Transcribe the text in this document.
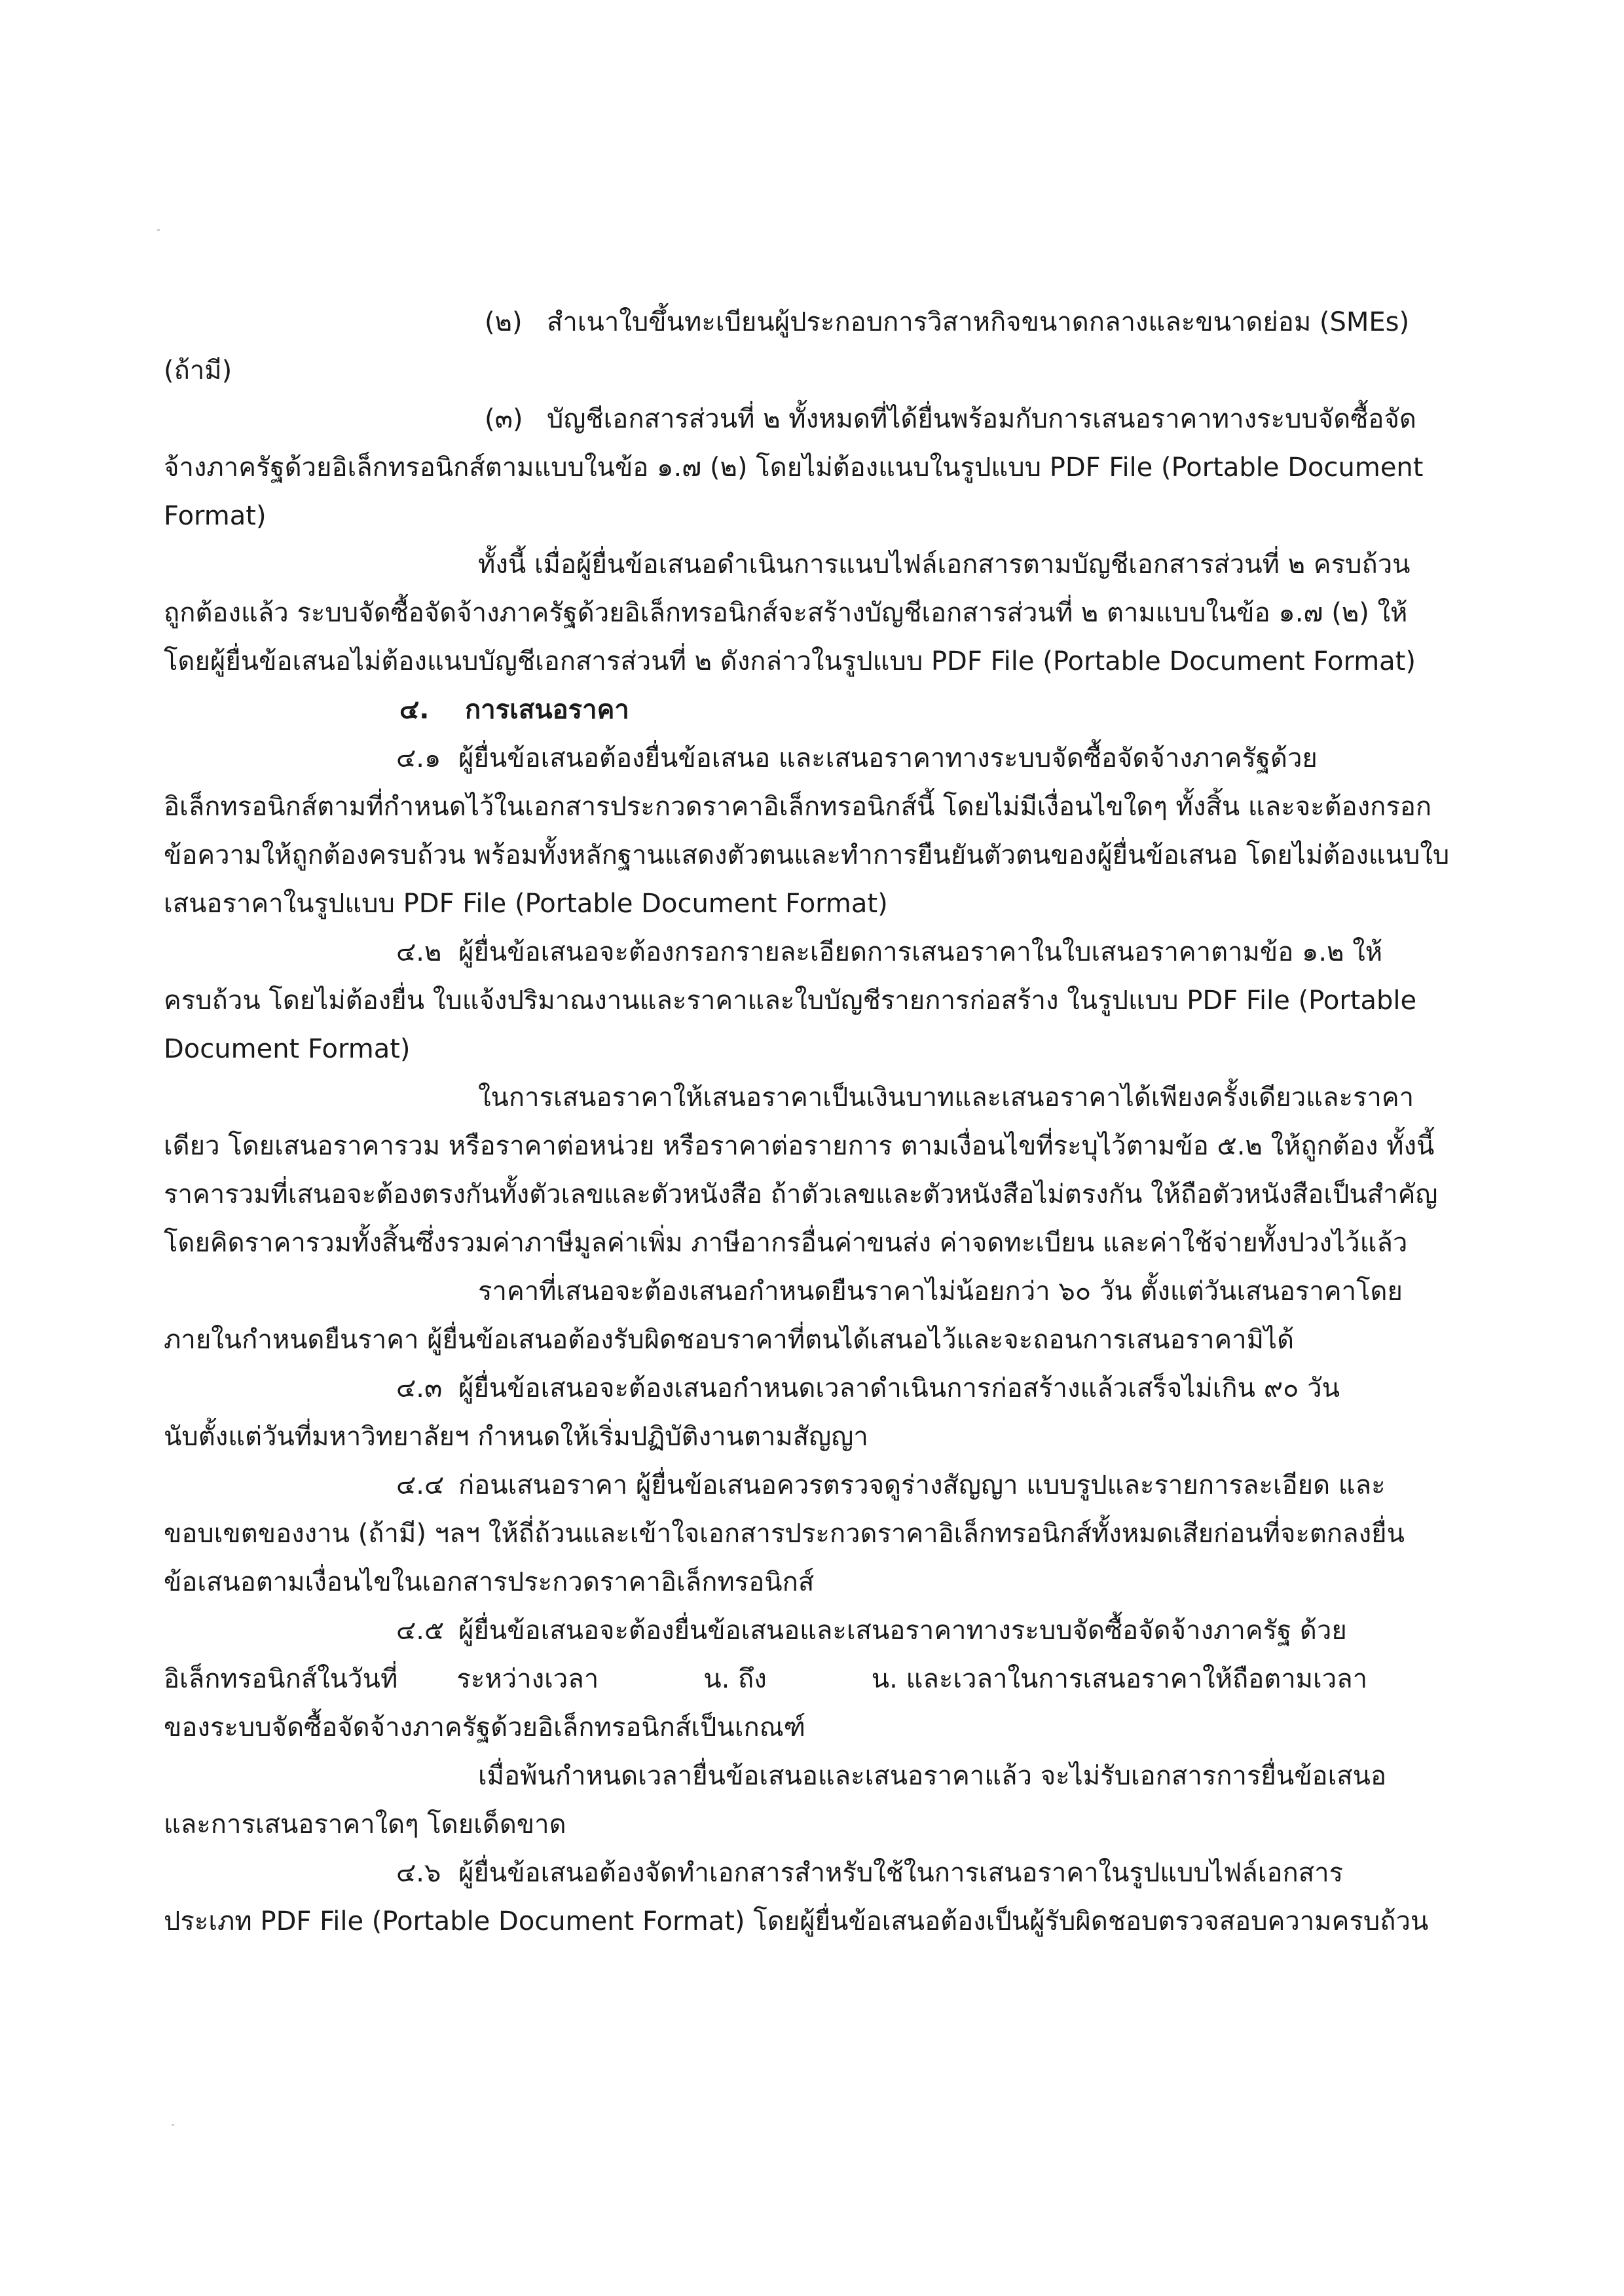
(๒) สำเนาใบขึ้นทะเบียนผู้ประกอบการวิสาหกิจขนาดกลางและขนาดย่อม (SMEs)
(ถ้ามี)
(๓) บัญชีเอกสารส่วนที่ ๒ ทั้งหมดที่ได้ยื่นพร้อมกับการเสนอราคาทางระบบจัดซื้อจัด
จ้างภาครัฐด้วยอิเล็กทรอนิกส์ตามแบบในข้อ ๑.๗ (๒) โดยไม่ต้องแนบในรูปแบบ PDF File (Portable Document
Format)
ทั้งนี้ เมื่อผู้ยื่นข้อเสนอดำเนินการแนบไฟล์เอกสารตามบัญชีเอกสารส่วนที่ ๒ ครบถ้วน
ถูกต้องแล้ว ระบบจัดซื้อจัดจ้างภาครัฐด้วยอิเล็กทรอนิกส์จะสร้างบัญชีเอกสารส่วนที่ ๒ ตามแบบในข้อ ๑.๗ (๒) ให้
โดยผู้ยื่นข้อเสนอไม่ต้องแนบบัญชีเอกสารส่วนที่ ๒ ดังกล่าวในรูปแบบ PDF File (Portable Document Format)
๔. การเสนอราคา
๔.๑ ผู้ยื่นข้อเสนอต้องยื่นข้อเสนอ และเสนอราคาทางระบบจัดซื้อจัดจ้างภาครัฐด้วย
อิเล็กทรอนิกส์ตามที่กำหนดไว้ในเอกสารประกวดราคาอิเล็กทรอนิกส์นี้ โดยไม่มีเงื่อนไขใดๆ ทั้งสิ้น และจะต้องกรอก
ข้อความให้ถูกต้องครบถ้วน พร้อมทั้งหลักฐานแสดงตัวตนและทำการยืนยันตัวตนของผู้ยื่นข้อเสนอ โดยไม่ต้องแนบใบ
เสนอราคาในรูปแบบ PDF File (Portable Document Format)
๔.๒ ผู้ยื่นข้อเสนอจะต้องกรอกรายละเอียดการเสนอราคาในใบเสนอราคาตามข้อ ๑.๒ ให้
ครบถ้วน โดยไม่ต้องยื่น ใบแจ้งปริมาณงานและราคาและใบบัญชีรายการก่อสร้าง ในรูปแบบ PDF File (Portable
Document Format)
ในการเสนอราคาให้เสนอราคาเป็นเงินบาทและเสนอราคาได้เพียงครั้งเดียวและราคา
เดียว โดยเสนอราคารวม หรือราคาต่อหน่วย หรือราคาต่อรายการ ตามเงื่อนไขที่ระบุไว้ตามข้อ ๕.๒ ให้ถูกต้อง ทั้งนี้
ราคารวมที่เสนอจะต้องตรงกันทั้งตัวเลขและตัวหนังสือ ถ้าตัวเลขและตัวหนังสือไม่ตรงกัน ให้ถือตัวหนังสือเป็นสำคัญ
โดยคิดราคารวมทั้งสิ้นซึ่งรวมค่าภาษีมูลค่าเพิ่ม ภาษีอากรอื่นค่าขนส่ง ค่าจดทะเบียน และค่าใช้จ่ายทั้งปวงไว้แล้ว
ราคาที่เสนอจะต้องเสนอกำหนดยืนราคาไม่น้อยกว่า ๖๐ วัน ตั้งแต่วันเสนอราคาโดย
ภายในกำหนดยืนราคา ผู้ยื่นข้อเสนอต้องรับผิดชอบราคาที่ตนได้เสนอไว้และจะถอนการเสนอราคามิได้
๔.๓ ผู้ยื่นข้อเสนอจะต้องเสนอกำหนดเวลาดำเนินการก่อสร้างแล้วเสร็จไม่เกิน ๙๐ วัน
นับตั้งแต่วันที่มหาวิทยาลัยฯ กำหนดให้เริ่มปฏิบัติงานตามสัญญา
๔.๔ ก่อนเสนอราคา ผู้ยื่นข้อเสนอควรตรวจดูร่างสัญญา แบบรูปและรายการละเอียด และ
ขอบเขตของงาน (ถ้ามี) ฯลฯ ให้ถี่ถ้วนและเข้าใจเอกสารประกวดราคาอิเล็กทรอนิกส์ทั้งหมดเสียก่อนที่จะตกลงยื่น
ข้อเสนอตามเงื่อนไขในเอกสารประกวดราคาอิเล็กทรอนิกส์
๔.๕ ผู้ยื่นข้อเสนอจะต้องยื่นข้อเสนอและเสนอราคาทางระบบจัดซื้อจัดจ้างภาครัฐ ด้วย
อิเล็กทรอนิกส์ในวันที่ ระหว่างเวลา	น. ถึง	น. และเวลาในการเสนอราคาให้ถือตามเวลา
ของระบบจัดซื้อจัดจ้างภาครัฐด้วยอิเล็กทรอนิกส์เป็นเกณฑ์
เมื่อพ้นกำหนดเวลายื่นข้อเสนอและเสนอราคาแล้ว จะไม่รับเอกสารการยื่นข้อเสนอ
และการเสนอราคาใดๆ โดยเด็ดขาด
๔.๖ ผู้ยื่นข้อเสนอต้องจัดทำเอกสารสำหรับใช้ในการเสนอราคาในรูปแบบไฟล์เอกสาร
ประเภท PDF File (Portable Document Format) โดยผู้ยื่นข้อเสนอต้องเป็นผู้รับผิดชอบตรวจสอบความครบถ้วน
